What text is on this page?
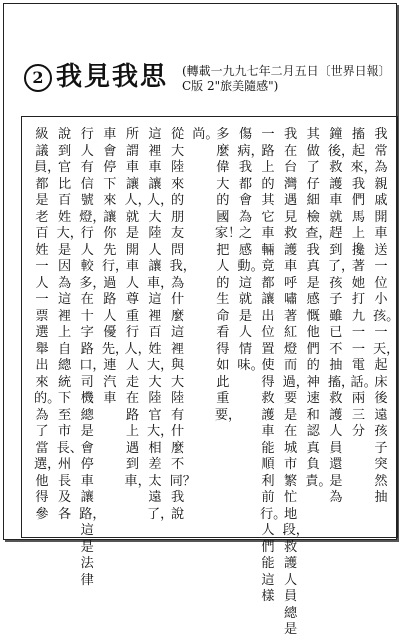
2 我見我思 (轉載一九九七年二月五日〔世界日報〕
C版 2"旅美隨感")
我常為親戚開車送一位小孩。一天，起床後遠孩子突然抽
搐起來，我們馬上攙著她打九一一電話。兩三分
鐘後，救護車就趕到了，孩子雖已不抽搐，救護人員還是為
其做了仔細檢查，我真是感慨他們的神速和認真負責。
我在台灣遇見救護車呼嘯著紅燈而過，要是在城市繁忙地段，救護人員總是
一路上的其它車輛竟都讓出位置使得救護車能順利前行。人們能這樣
傷病，我都會為之感動。這就是人情味。
多麼偉大的國家！把人的生命看得如此重要，
尚。
從大陸來的朋友問我，為什麼這裡與大陸有什麼不同？我說
這裡車讓人，大陸人讓車，這裡百姓大，大陸官大，相差太遠了，
所謂車讓人，就是開車人尊重行人，人走在路上遇到車，
車會停下來讓你先行，過路人優先，連汽車
行人有信號燈，行人較多，在十字路口，司機總是會停車讓路，這是法律
說到官比百姓大，是因為這裡上自總統下至市長、州長及各
級議員，都是老百姓一人一票選舉出來的。為了當選，他得參
